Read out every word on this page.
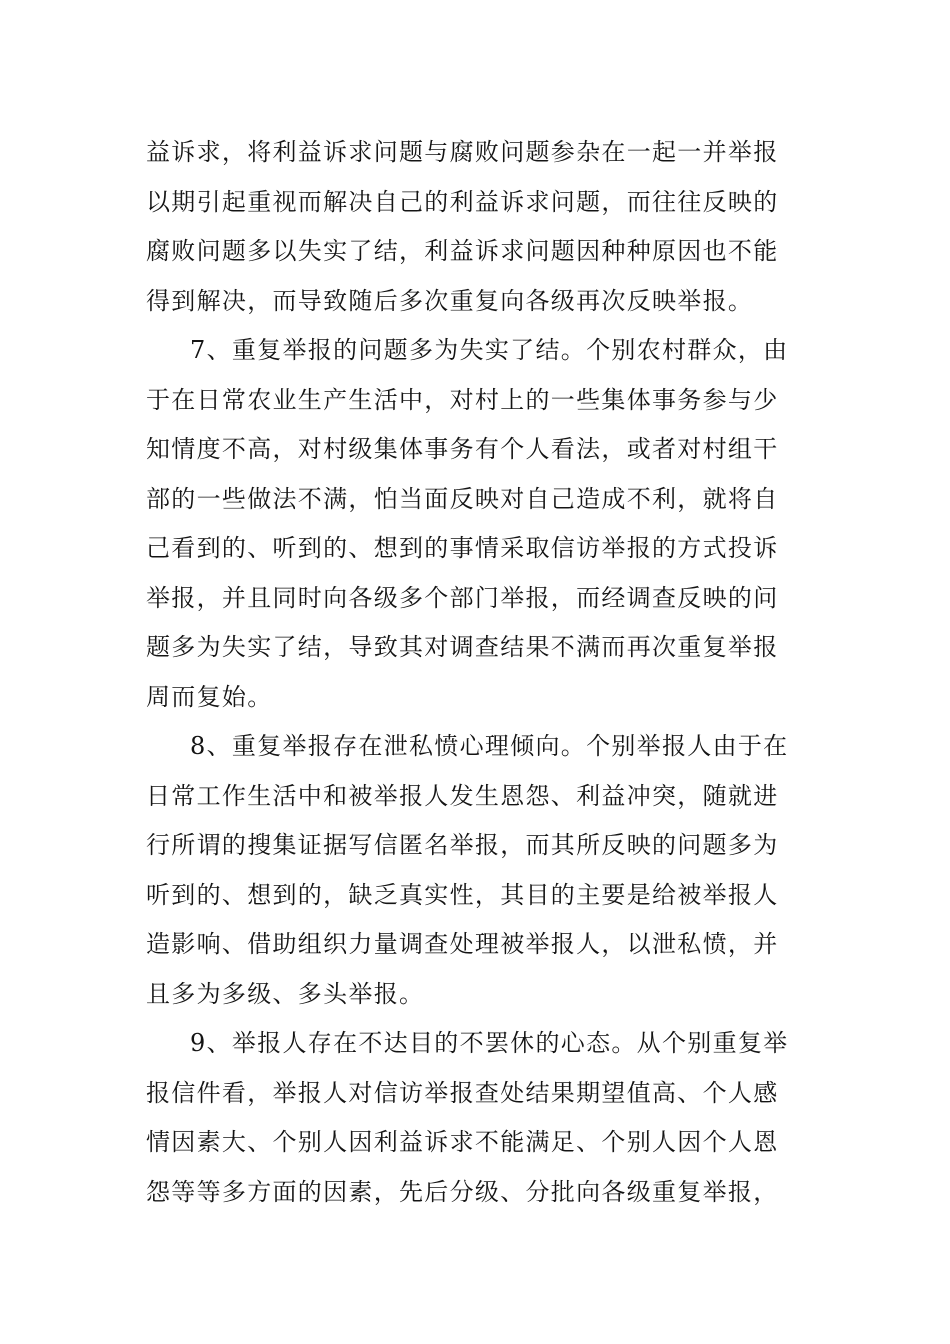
益诉求，将利益诉求问题与腐败问题参杂在一起一并举报
以期引起重视而解决自己的利益诉求问题，而往往反映的
腐败问题多以失实了结，利益诉求问题因种种原因也不能
得到解决，而导致随后多次重复向各级再次反映举报。
7、重复举报的问题多为失实了结。个别农村群众，由
于在日常农业生产生活中，对村上的一些集体事务参与少
知情度不高，对村级集体事务有个人看法，或者对村组干
部的一些做法不满，怕当面反映对自己造成不利，就将自
己看到的、听到的、想到的事情采取信访举报的方式投诉
举报，并且同时向各级多个部门举报，而经调查反映的问
题多为失实了结，导致其对调查结果不满而再次重复举报
周而复始。
8、重复举报存在泄私愤心理倾向。个别举报人由于在
日常工作生活中和被举报人发生恩怨、利益冲突，随就进
行所谓的搜集证据写信匿名举报，而其所反映的问题多为
听到的、想到的，缺乏真实性，其目的主要是给被举报人
造影响、借助组织力量调查处理被举报人，以泄私愤，并
且多为多级、多头举报。
9、举报人存在不达目的不罢休的心态。从个别重复举
报信件看，举报人对信访举报查处结果期望值高、个人感
情因素大、个别人因利益诉求不能满足、个别人因个人恩
怨等等多方面的因素，先后分级、分批向各级重复举报，
